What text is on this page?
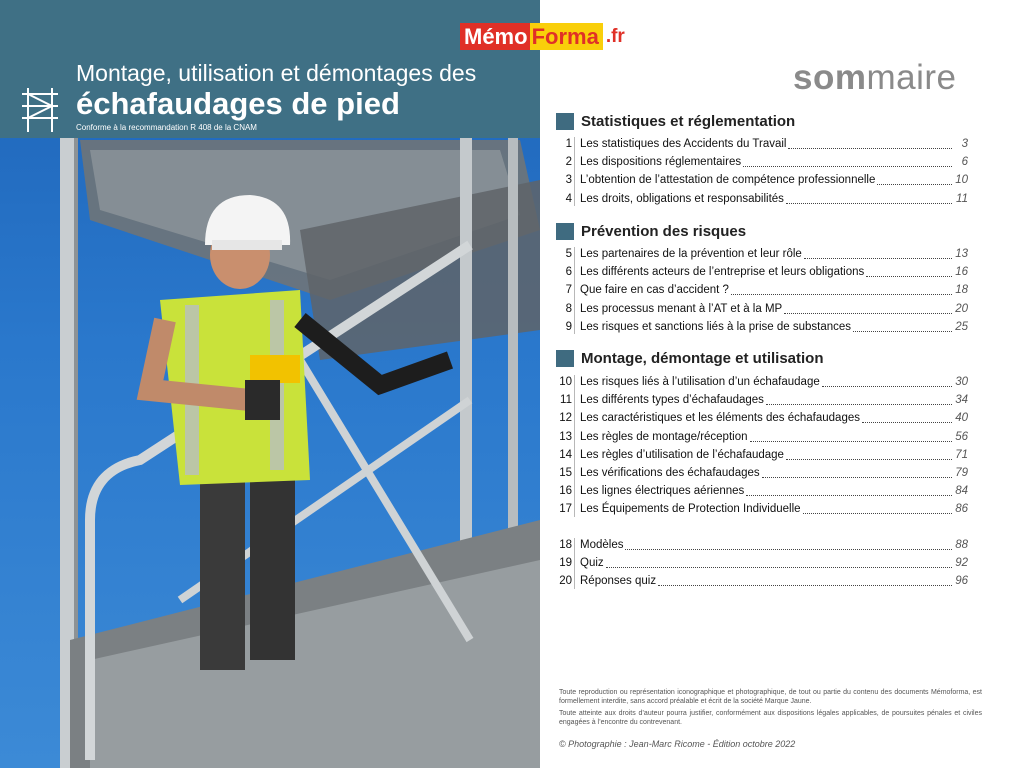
Montage, utilisation et démontages des
échafaudages de pied
Conforme à la recommandation R 408 de la CNAM
Mémo Forma .fr
sommaire
Statistiques et réglementation
1 Les statistiques des Accidents du Travail	3
2 Les dispositions réglementaires	6
3 L’obtention de l’attestation de compétence professionnelle	10
4 Les droits, obligations et responsabilités	11
Prévention des risques
5 Les partenaires de la prévention et leur rôle	13
6 Les différents acteurs de l’entreprise et leurs obligations	16
7 Que faire en cas d’accident ?	18
8 Les processus menant à l’AT et à la MP	20
9 Les risques et sanctions liés à la prise de substances	25
Montage, démontage et utilisation
10 Les risques liés à l’utilisation d’un échafaudage	30
11 Les différents types d’échafaudages	34
12 Les caractéristiques et les éléments des échafaudages	40
13 Les règles de montage/réception	56
14 Les règles d’utilisation de l’échafaudage	71
15 Les vérifications des échafaudages	79
16 Les lignes électriques aériennes	84
17 Les Équipements de Protection Individuelle	86
18 Modèles	88
19 Quiz	92
20 Réponses quiz	96

Toute reproduction ou représentation iconographique et photographique, de tout ou partie du contenu des documents Mémoforma, est formellement interdite, sans accord préalable et écrit de la société Marque Jaune.

Toute atteinte aux droits d’auteur pourra justifier, conformément aux dispositions légales applicables, de poursuites pénales et civiles engagées à l’encontre du contrevenant.

© Photographie : Jean-Marc Ricome - Édition octobre 2022
